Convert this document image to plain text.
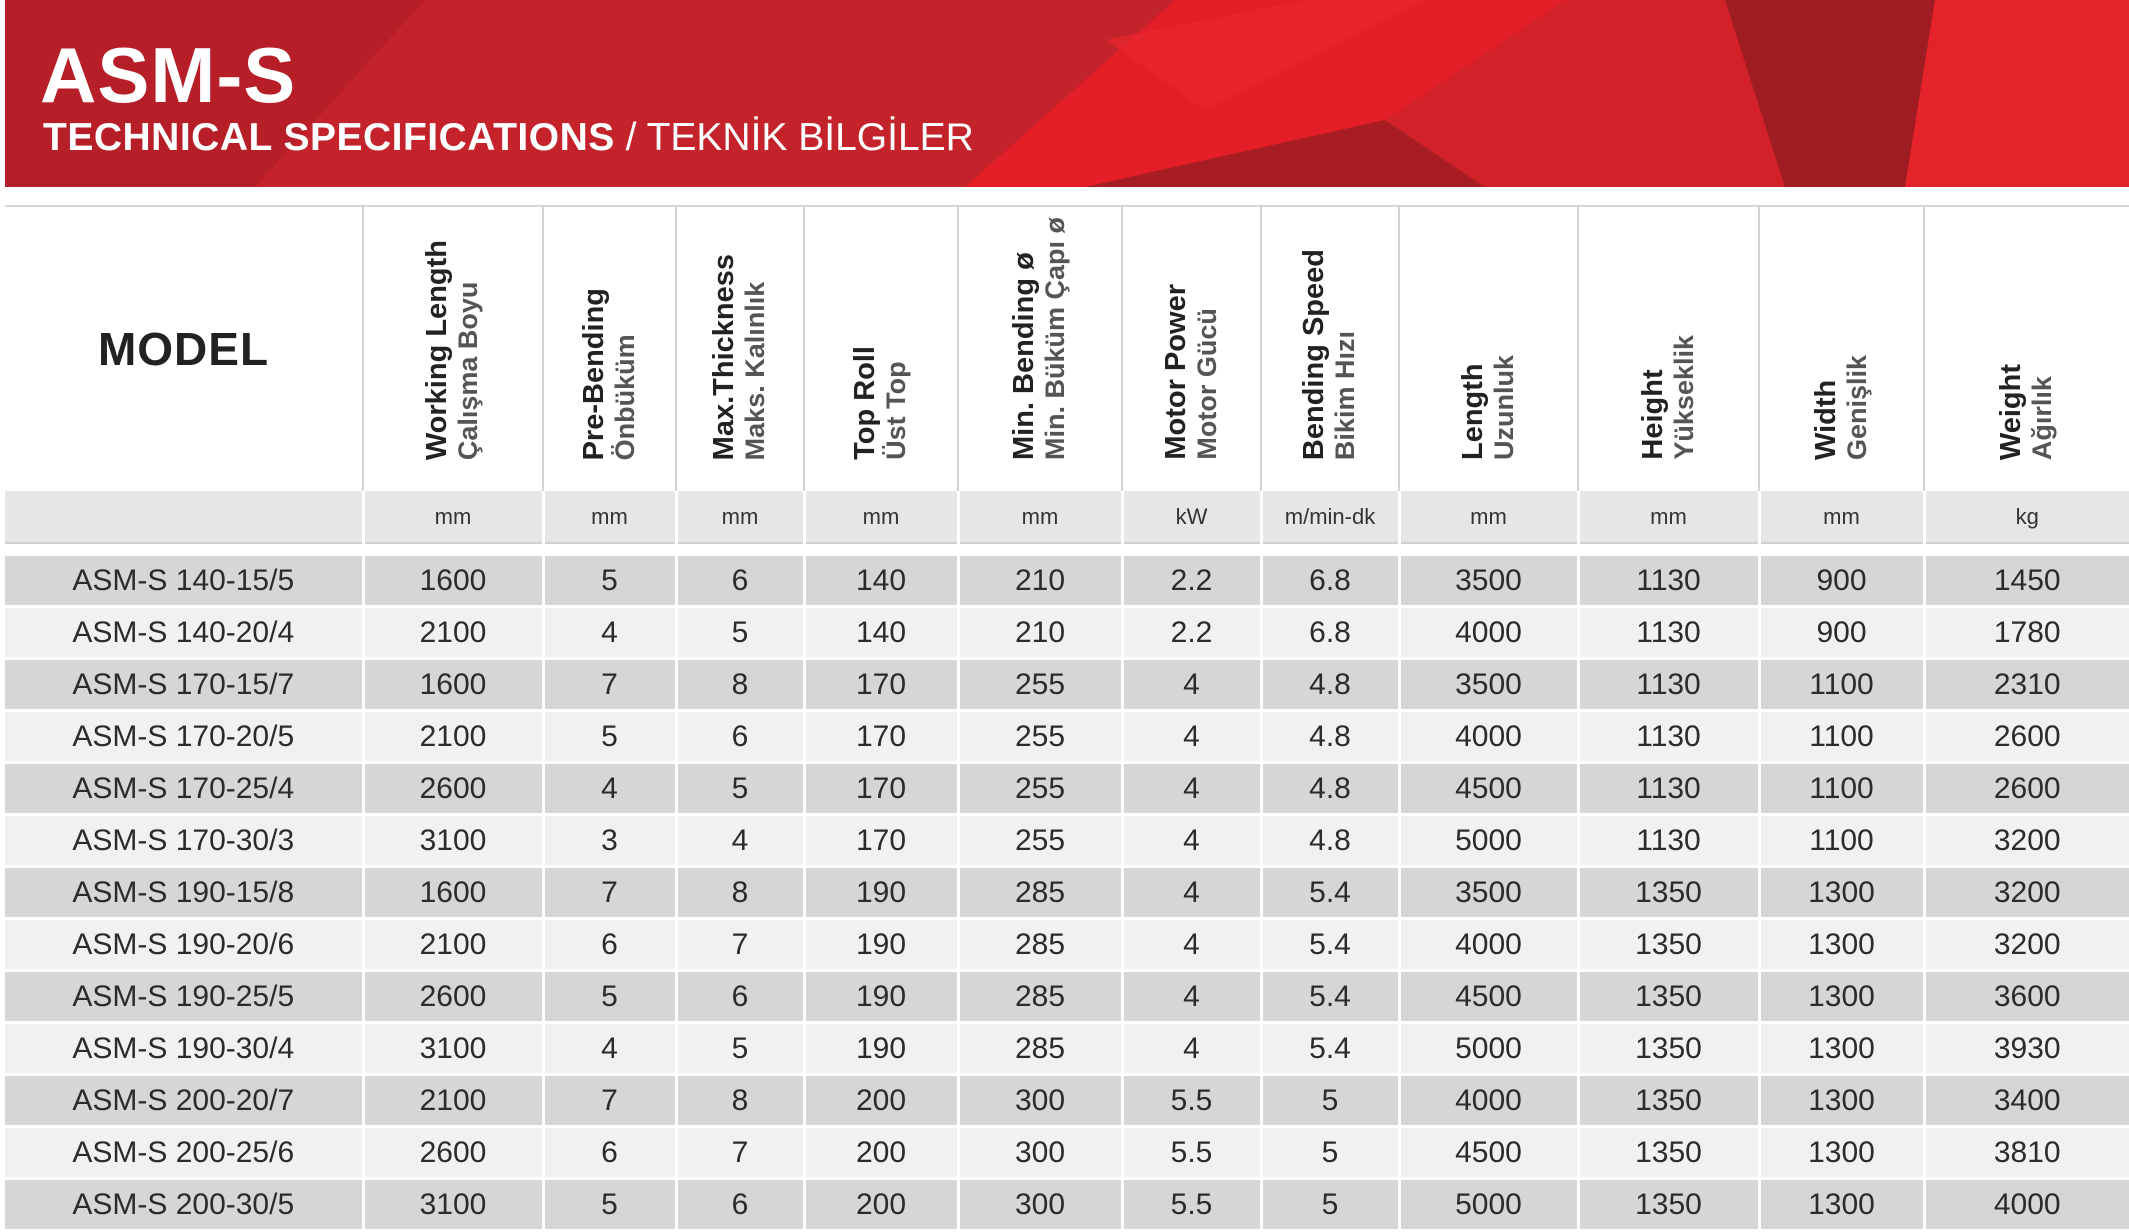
ASM-S
TECHNICAL SPECIFICATIONS / TEKNİK BİLGİLER
MODEL	Working Length Çalışma Boyu	Pre-Bending Önbüküm	Max.Thickness Maks. Kalınlık	Top Roll Üst Top	Min. Bending ø Min. Büküm Çapı ø	Motor Power Motor Gücü	Bending Speed Bikim Hızı	Length Uzunluk	Height Yükseklik	Width Genişlik	Weight Ağırlık

	mm	mm	mm	mm	mm	kW	m/min-dk	mm	mm	mm	kg

ASM-S 140-15/5	1600	5	6	140	210	2.2	6.8	3500	1130	900	1450
ASM-S 140-20/4	2100	4	5	140	210	2.2	6.8	4000	1130	900	1780
ASM-S 170-15/7	1600	7	8	170	255	4	4.8	3500	1130	1100	2310
ASM-S 170-20/5	2100	5	6	170	255	4	4.8	4000	1130	1100	2600
ASM-S 170-25/4	2600	4	5	170	255	4	4.8	4500	1130	1100	2600
ASM-S 170-30/3	3100	3	4	170	255	4	4.8	5000	1130	1100	3200
ASM-S 190-15/8	1600	7	8	190	285	4	5.4	3500	1350	1300	3200
ASM-S 190-20/6	2100	6	7	190	285	4	5.4	4000	1350	1300	3200
ASM-S 190-25/5	2600	5	6	190	285	4	5.4	4500	1350	1300	3600
ASM-S 190-30/4	3100	4	5	190	285	4	5.4	5000	1350	1300	3930
ASM-S 200-20/7	2100	7	8	200	300	5.5	5	4000	1350	1300	3400
ASM-S 200-25/6	2600	6	7	200	300	5.5	5	4500	1350	1300	3810
ASM-S 200-30/5	3100	5	6	200	300	5.5	5	5000	1350	1300	4000
